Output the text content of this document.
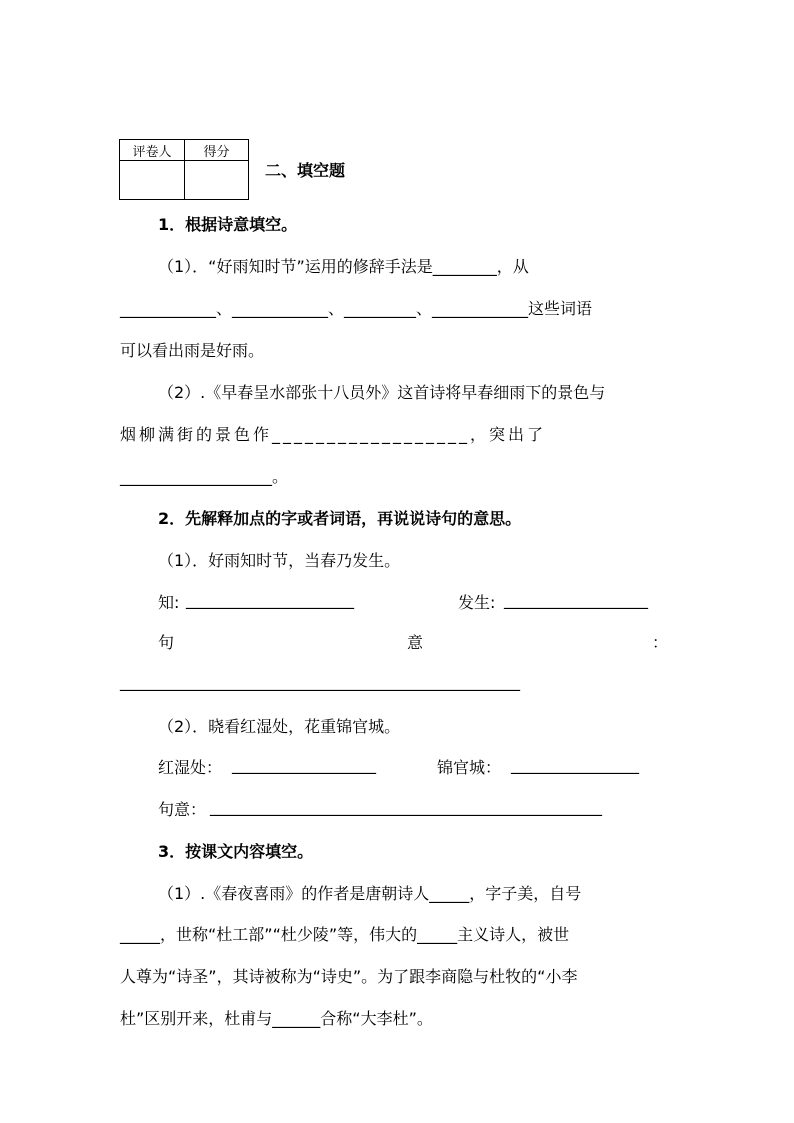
评卷人	得分

二、填空题
1．根据诗意填空。
（1）．“好雨知时节”运用的修辞手法是________，从
____________、____________、_________、____________这些词语
可以看出雨是好雨。
（2）.《早春呈水部张十八员外》这首诗将早春细雨下的景色与
烟柳满街的景色作__________________，突出了
___________________。
2．先解释加点的字或者词语，再说说诗句的意思。
（1）．好雨知时节，当春乃发生。
知: _____________________	发生: __________________
句	意	：
__________________________________________________
（2）．晓看红湿处，花重锦官城。
红湿处： __________________	锦官城： ________________
句意： _________________________________________________
3．按课文内容填空。
（1）.《春夜喜雨》的作者是唐朝诗人_____，字子美，自号
_____，世称“杜工部”“杜少陵”等，伟大的_____主义诗人，被世
人尊为“诗圣”，其诗被称为“诗史”。为了跟李商隐与杜牧的“小李
杜”区别开来，杜甫与______合称“大李杜”。
